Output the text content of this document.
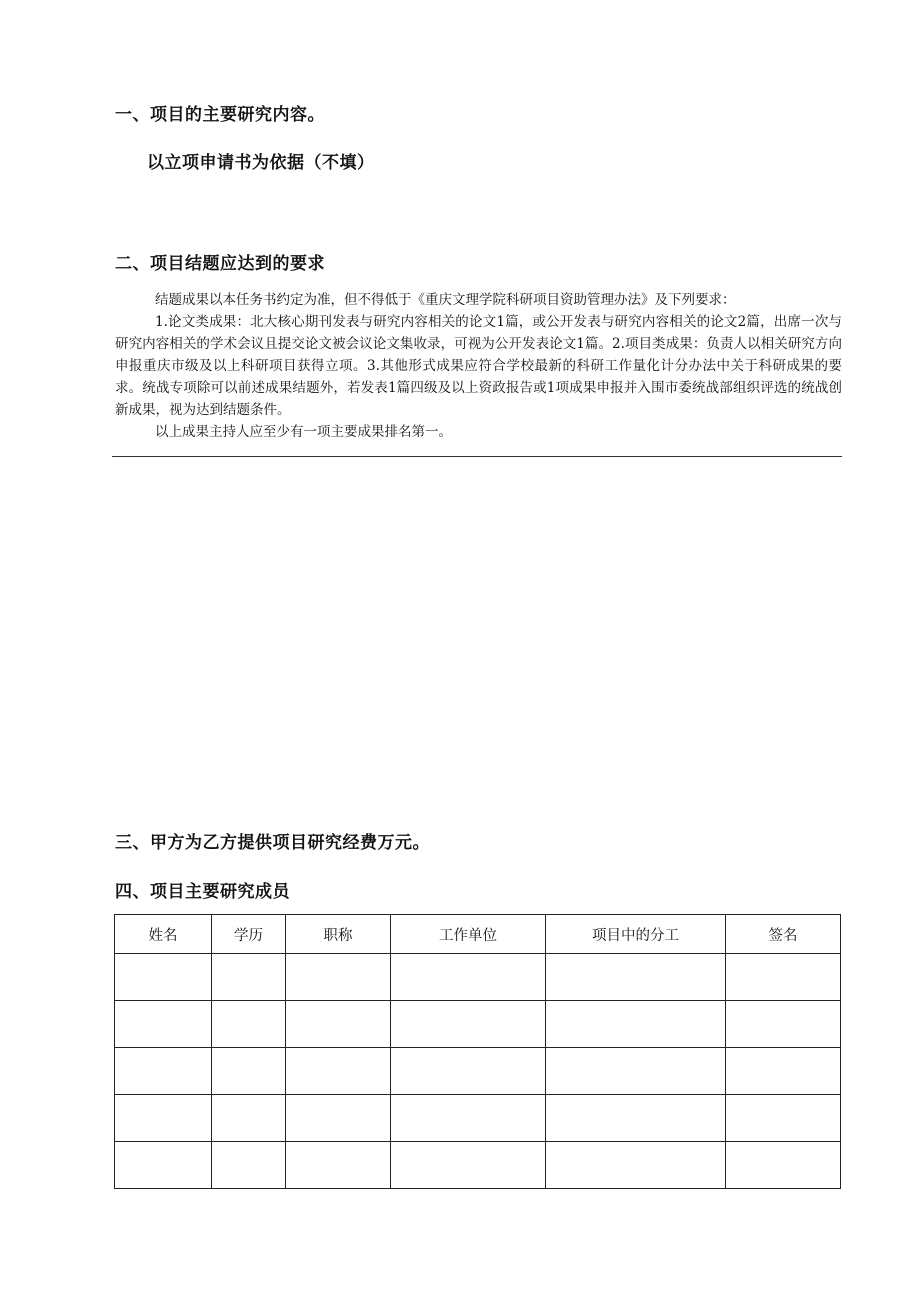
一、项目的主要研究内容。

以立项申请书为依据（不填）

二、项目结题应达到的要求

结题成果以本任务书约定为准，但不得低于《重庆文理学院科研项目资助管理办法》及下列要求：

1.论文类成果：北大核心期刊发表与研究内容相关的论文1篇，或公开发表与研究内容相关的论文2篇，出席一次与研究内容相关的学术会议且提交论文被会议论文集收录，可视为公开发表论文1篇。2.项目类成果：负责人以相关研究方向申报重庆市级及以上科研项目获得立项。3.其他形式成果应符合学校最新的科研工作量化计分办法中关于科研成果的要求。统战专项除可以前述成果结题外，若发表1篇四级及以上资政报告或1项成果申报并入围市委统战部组织评选的统战创新成果，视为达到结题条件。

以上成果主持人应至少有一项主要成果排名第一。

三、甲方为乙方提供项目研究经费万元。
四、项目主要研究成员
姓名	学历	职称	工作单位	项目中的分工	签名
